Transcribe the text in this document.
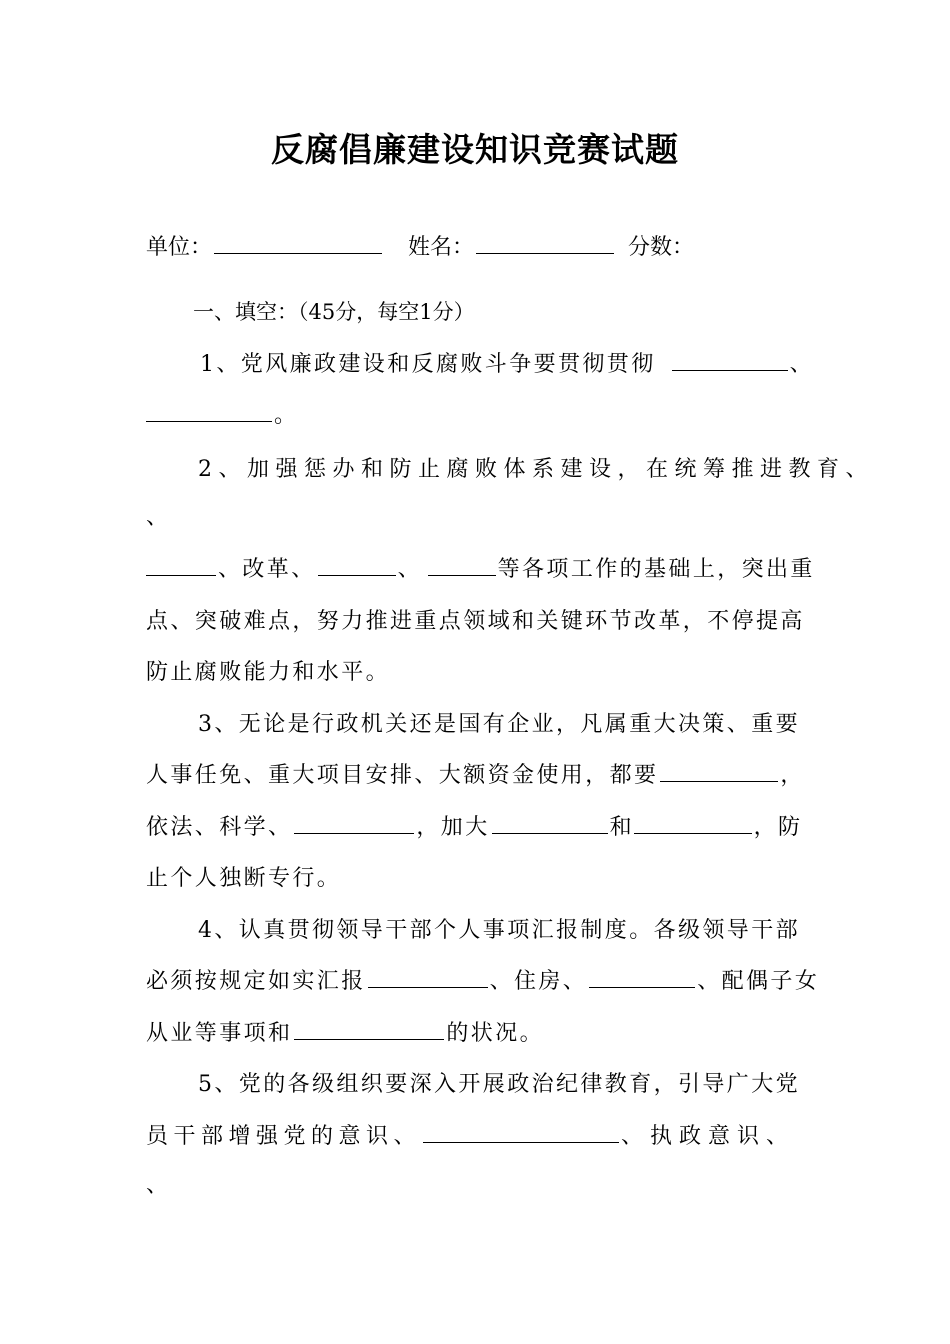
反腐倡廉建设知识竞赛试题
单位：	姓名：	分数：
一、填空：（45分，每空1分）
1、党风廉政建设和反腐败斗争要贯彻贯彻	、
。
2、加强惩办和防止腐败体系建设，在统筹推进教育、
、
、改革、	、	等各项工作的基础上，突出重
点、突破难点，努力推进重点领域和关键环节改革，不停提高
防止腐败能力和水平。
3、无论是行政机关还是国有企业，凡属重大决策、重要
人事任免、重大项目安排、大额资金使用，都要	，
依法、科学、	，加大	和	，防
止个人独断专行。
4、认真贯彻领导干部个人事项汇报制度。各级领导干部
必须按规定如实汇报	、住房、	、配偶子女
从业等事项和	的状况。
5、党的各级组织要深入开展政治纪律教育，引导广大党
员干部增强党的意识、	、执政意识、
、
